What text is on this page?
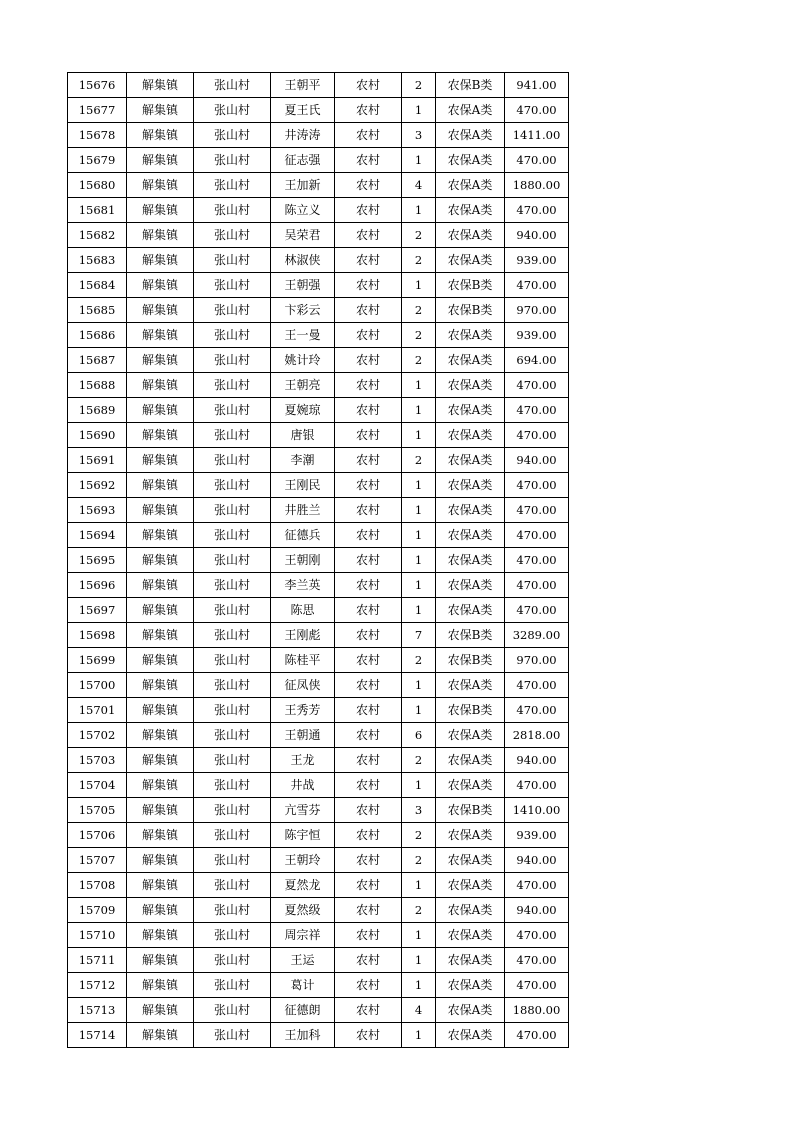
15676	解集镇	张山村	王朝平	农村	2	农保B类	941.00
15677	解集镇	张山村	夏王氏	农村	1	农保A类	470.00
15678	解集镇	张山村	井涛涛	农村	3	农保A类	1411.00
15679	解集镇	张山村	征志强	农村	1	农保A类	470.00
15680	解集镇	张山村	王加新	农村	4	农保A类	1880.00
15681	解集镇	张山村	陈立义	农村	1	农保A类	470.00
15682	解集镇	张山村	吴荣君	农村	2	农保A类	940.00
15683	解集镇	张山村	林淑侠	农村	2	农保A类	939.00
15684	解集镇	张山村	王朝强	农村	1	农保B类	470.00
15685	解集镇	张山村	卞彩云	农村	2	农保B类	970.00
15686	解集镇	张山村	王一曼	农村	2	农保A类	939.00
15687	解集镇	张山村	姚计玲	农村	2	农保A类	694.00
15688	解集镇	张山村	王朝亮	农村	1	农保A类	470.00
15689	解集镇	张山村	夏婉琼	农村	1	农保A类	470.00
15690	解集镇	张山村	唐银	农村	1	农保A类	470.00
15691	解集镇	张山村	李潮	农村	2	农保A类	940.00
15692	解集镇	张山村	王刚民	农村	1	农保A类	470.00
15693	解集镇	张山村	井胜兰	农村	1	农保A类	470.00
15694	解集镇	张山村	征德兵	农村	1	农保A类	470.00
15695	解集镇	张山村	王朝刚	农村	1	农保A类	470.00
15696	解集镇	张山村	李兰英	农村	1	农保A类	470.00
15697	解集镇	张山村	陈思	农村	1	农保A类	470.00
15698	解集镇	张山村	王刚彪	农村	7	农保B类	3289.00
15699	解集镇	张山村	陈桂平	农村	2	农保B类	970.00
15700	解集镇	张山村	征凤侠	农村	1	农保A类	470.00
15701	解集镇	张山村	王秀芳	农村	1	农保B类	470.00
15702	解集镇	张山村	王朝通	农村	6	农保A类	2818.00
15703	解集镇	张山村	王龙	农村	2	农保A类	940.00
15704	解集镇	张山村	井战	农村	1	农保A类	470.00
15705	解集镇	张山村	亢雪芬	农村	3	农保B类	1410.00
15706	解集镇	张山村	陈宇恒	农村	2	农保A类	939.00
15707	解集镇	张山村	王朝玲	农村	2	农保A类	940.00
15708	解集镇	张山村	夏然龙	农村	1	农保A类	470.00
15709	解集镇	张山村	夏然级	农村	2	农保A类	940.00
15710	解集镇	张山村	周宗祥	农村	1	农保A类	470.00
15711	解集镇	张山村	王运	农村	1	农保A类	470.00
15712	解集镇	张山村	葛计	农村	1	农保A类	470.00
15713	解集镇	张山村	征德朗	农村	4	农保A类	1880.00
15714	解集镇	张山村	王加科	农村	1	农保A类	470.00
